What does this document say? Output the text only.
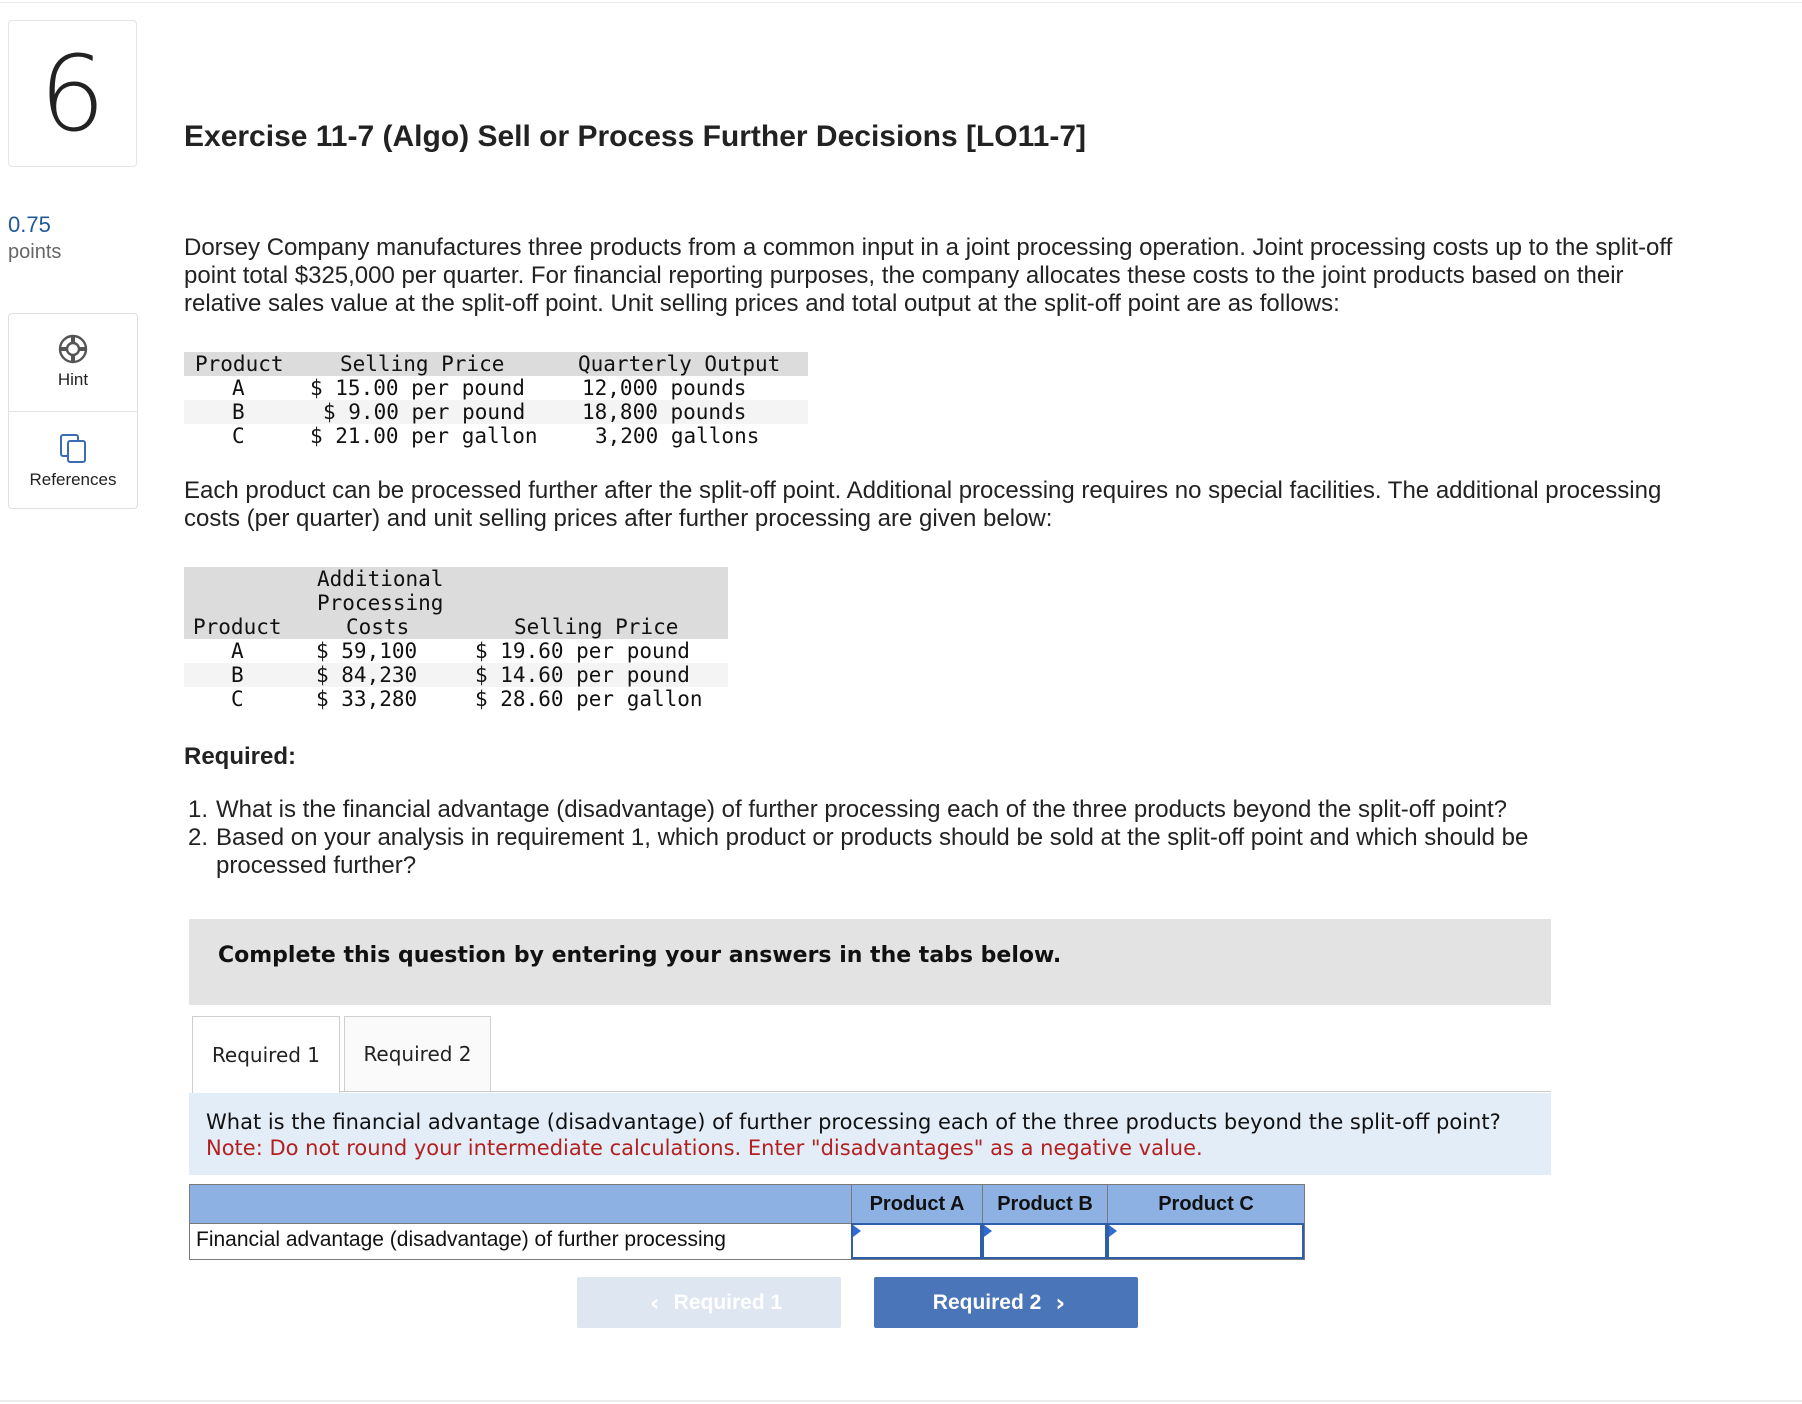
6
0.75
points
Hint
References
Exercise 11-7 (Algo) Sell or Process Further Decisions [LO11-7]
Dorsey Company manufactures three products from a common input in a joint processing operation. Joint processing costs up to the split-off point total $325,000 per quarter. For financial reporting purposes, the company allocates these costs to the joint products based on their relative sales value at the split-off point. Unit selling prices and total output at the split-off point are as follows:
Product	Selling Price	Quarterly Output
A	$ 15.00 per pound	12,000 pounds
B	$ 9.00 per pound	18,800 pounds
C	$ 21.00 per gallon	3,200 gallons
Each product can be processed further after the split-off point. Additional processing requires no special facilities. The additional processing costs (per quarter) and unit selling prices after further processing are given below:
Additional
Processing
Product	Costs	Selling Price
A	$ 59,100	$ 19.60 per pound
B	$ 84,230	$ 14.60 per pound
C	$ 33,280	$ 28.60 per gallon
Required:
1. What is the financial advantage (disadvantage) of further processing each of the three products beyond the split-off point?
2. Based on your analysis in requirement 1, which product or products should be sold at the split-off point and which should be processed further?
Complete this question by entering your answers in the tabs below.
Required 1	Required 2
What is the financial advantage (disadvantage) of further processing each of the three products beyond the split-off point?
Note: Do not round your intermediate calculations. Enter "disadvantages" as a negative value.
Product A	Product B	Product C
Financial advantage (disadvantage) of further processing
‹ Required 1	Required 2 ›
